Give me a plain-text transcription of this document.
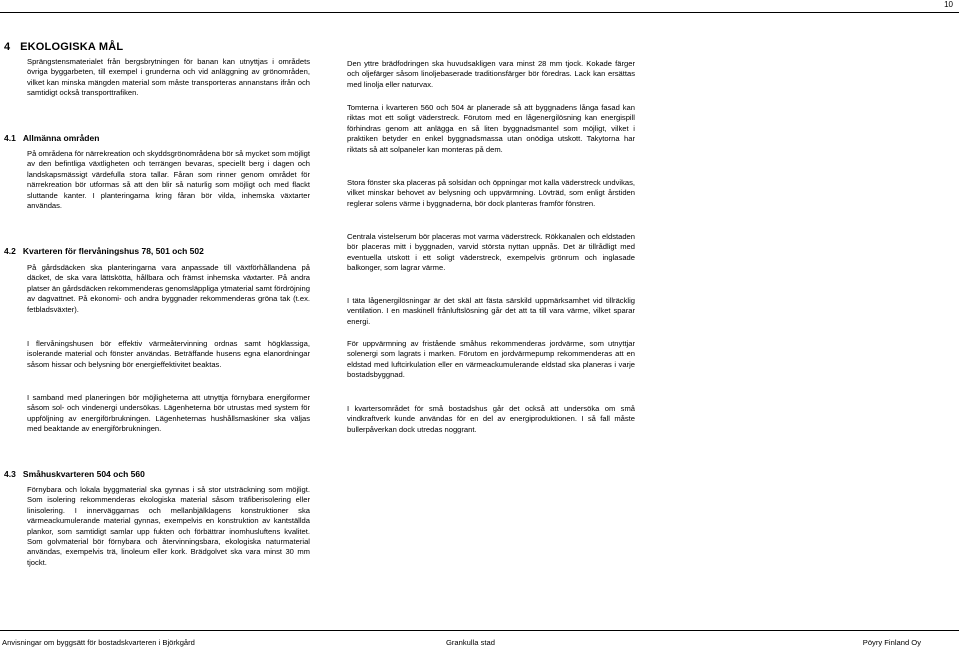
10
4   EKOLOGISKA MÅL

Sprängstensmaterialet från bergsbrytningen för banan kan utnyttjas i områdets övriga byggarbeten, till exempel i grunderna och vid anläggning av grönområden, vilket kan minska mängden material som måste transporteras annanstans ifrån och samtidigt också transporttrafiken.

4.1   Allmänna områden

På områdena för närrekreation och skyddsgrönområdena bör så mycket som möjligt av den befintliga växtligheten och terrängen bevaras, speciellt berg i dagen och landskapsmässigt värdefulla stora tallar. Fåran som rinner genom området för närrekreation bör utformas så att den blir så naturlig som möjligt och med flackt sluttande kanter. I planteringarna kring fåran bör vilda, inhemska växtarter användas.

4.2   Kvarteren för flervåningshus 78, 501 och 502

På gårdsdäcken ska planteringarna vara anpassade till växtförhållandena på däcket, de ska vara lättskötta, hållbara och främst inhemska växtarter. På andra platser än gårdsdäcken rekommenderas genomsläppliga ytmaterial samt fördröjning av dagvattnet. På ekonomi- och andra byggnader rekommenderas gröna tak (t.ex. fetbladsväxter).

I flervåningshusen bör effektiv värmeåtervinning ordnas samt högklassiga, isolerande material och fönster användas. Beträffande husens egna elanordningar såsom hissar och belysning bör energieffektivitet beaktas.

I samband med planeringen bör möjligheterna att utnyttja förnybara energiformer såsom sol- och vindenergi undersökas. Lägenheterna bör utrustas med system för uppföljning av energiförbrukningen. Lägenheternas hushållsmaskiner ska väljas med beaktande av energiförbrukningen.

4.3   Småhuskvarteren 504 och 560

Förnybara och lokala byggmaterial ska gynnas i så stor utsträckning som möjligt. Som isolering rekommenderas ekologiska material såsom träfiberisolering eller linisolering. I innerväggarnas och mellanbjälklagens konstruktioner ska värmeackumulerande material gynnas, exempelvis en konstruktion av kantställda plankor, som samtidigt samlar upp fukten och förbättrar inomhusluftens kvalitet. Som golvmaterial bör förnybara och återvinningsbara, ekologiska naturmaterial användas, exempelvis trä, linoleum eller kork. Brädgolvet ska vara minst 30 mm tjockt.

Den yttre brädfodringen ska huvudsakligen vara minst 28 mm tjock. Kokade färger och oljefärger såsom linoljebaserade traditionsfärger bör föredras. Lack kan ersättas med linolja eller naturvax.

Tomterna i kvarteren 560 och 504 är planerade så att byggnadens långa fasad kan riktas mot ett soligt väderstreck. Förutom med en lågenergilösning kan energispill förhindras genom att anlägga en så liten byggnadsmantel som möjligt, vilket i praktiken betyder en enkel byggnadsmassa utan onödiga utskott. Takytorna har riktats så att solpaneler kan monteras på dem.

Stora fönster ska placeras på solsidan och öppningar mot kalla väderstreck undvikas, vilket minskar behovet av belysning och uppvärmning. Lövträd, som enligt årstiden reglerar solens värme i byggnaderna, bör dock planteras framför fönstren.

Centrala vistelserum bör placeras mot varma väderstreck. Rökkanalen och eldstaden bör placeras mitt i byggnaden, varvid största nyttan uppnås. Det är tillrådligt med eventuella utskott i ett soligt väderstreck, exempelvis grönrum och inglasade balkonger, som lagrar värme.

I täta lågenergilösningar är det skäl att fästa särskild uppmärksamhet vid tillräcklig ventilation. I en maskinell frånluftslösning går det att ta till vara värme, vilket sparar energi.

För uppvärmning av fristående småhus rekommenderas jordvärme, som utnyttjar solenergi som lagrats i marken. Förutom en jordvärmepump rekommenderas att en eldstad med luftcirkulation eller en värmeackumulerande eldstad ska planeras i varje bostadsbyggnad.

I kvartersområdet för små bostadshus går det också att undersöka om små vindkraftverk kunde användas för en del av energiproduktionen. I så fall måste bullerpåverkan dock utredas noggrant.

Anvisningar om byggsätt för bostadskvarteren i Björkgård	Grankulla stad	Pöyry Finland Oy
